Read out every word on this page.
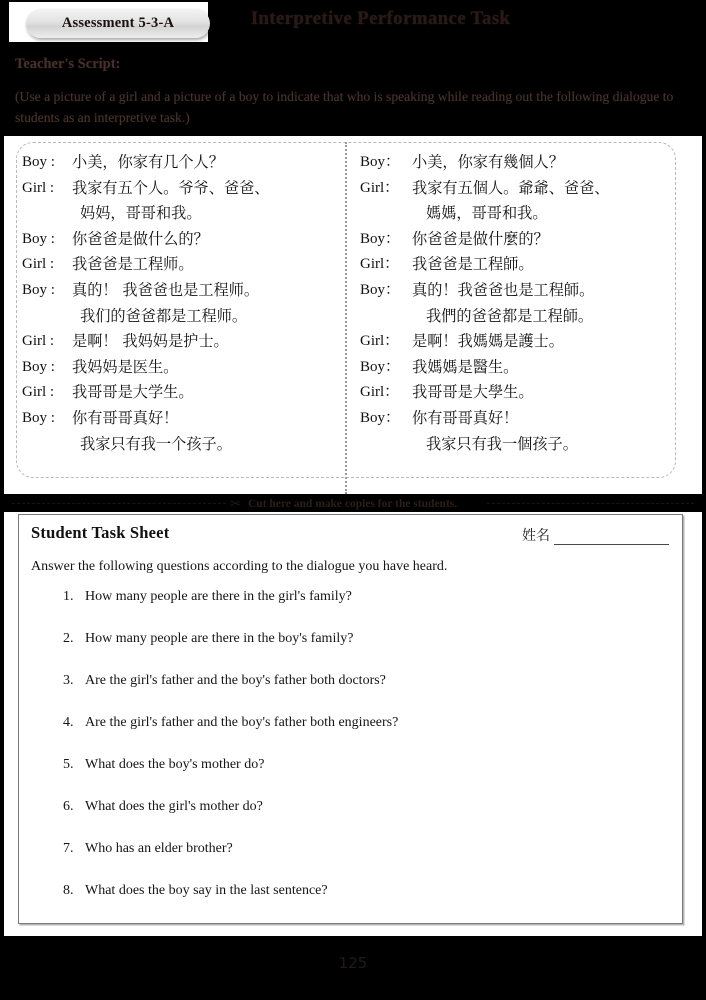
Assessment 5-3-A	Interpretive Performance Task
Teacher's Script:
(Use a picture of a girl and a picture of a boy to indicate that who is speaking while reading out the following dialogue to students as an interpretive task.)
Boy :	小美，你家有几个人？
Girl :	我家有五个人。爷爷、爸爸、
妈妈，哥哥和我。
Boy :	你爸爸是做什么的？
Girl :	我爸爸是工程师。
Boy :	真的！ 我爸爸也是工程师。
我们的爸爸都是工程师。
Girl :	是啊！ 我妈妈是护士。
Boy :	我妈妈是医生。
Girl :	我哥哥是大学生。
Boy :	你有哥哥真好！
我家只有我一个孩子。
Boy： 小美，你家有幾個人？
Girl： 我家有五個人。爺爺、爸爸、
媽媽，哥哥和我。
Boy： 你爸爸是做什麼的？
Girl： 我爸爸是工程師。
Boy： 真的！我爸爸也是工程師。
我們的爸爸都是工程師。
Girl： 是啊！我媽媽是護士。
Boy： 我媽媽是醫生。
Girl： 我哥哥是大學生。
Boy： 你有哥哥真好！
我家只有我一個孩子。
✂ Cut here and make copies for the students.
Student Task Sheet	姓名
Answer the following questions according to the dialogue you have heard.
1. How many people are there in the girl's family?
2. How many people are there in the boy's family?
3. Are the girl's father and the boy's father both doctors?
4. Are the girl's father and the boy's father both engineers?
5. What does the boy's mother do?
6. What does the girl's mother do?
7. Who has an elder brother?
8. What does the boy say in the last sentence?
125
